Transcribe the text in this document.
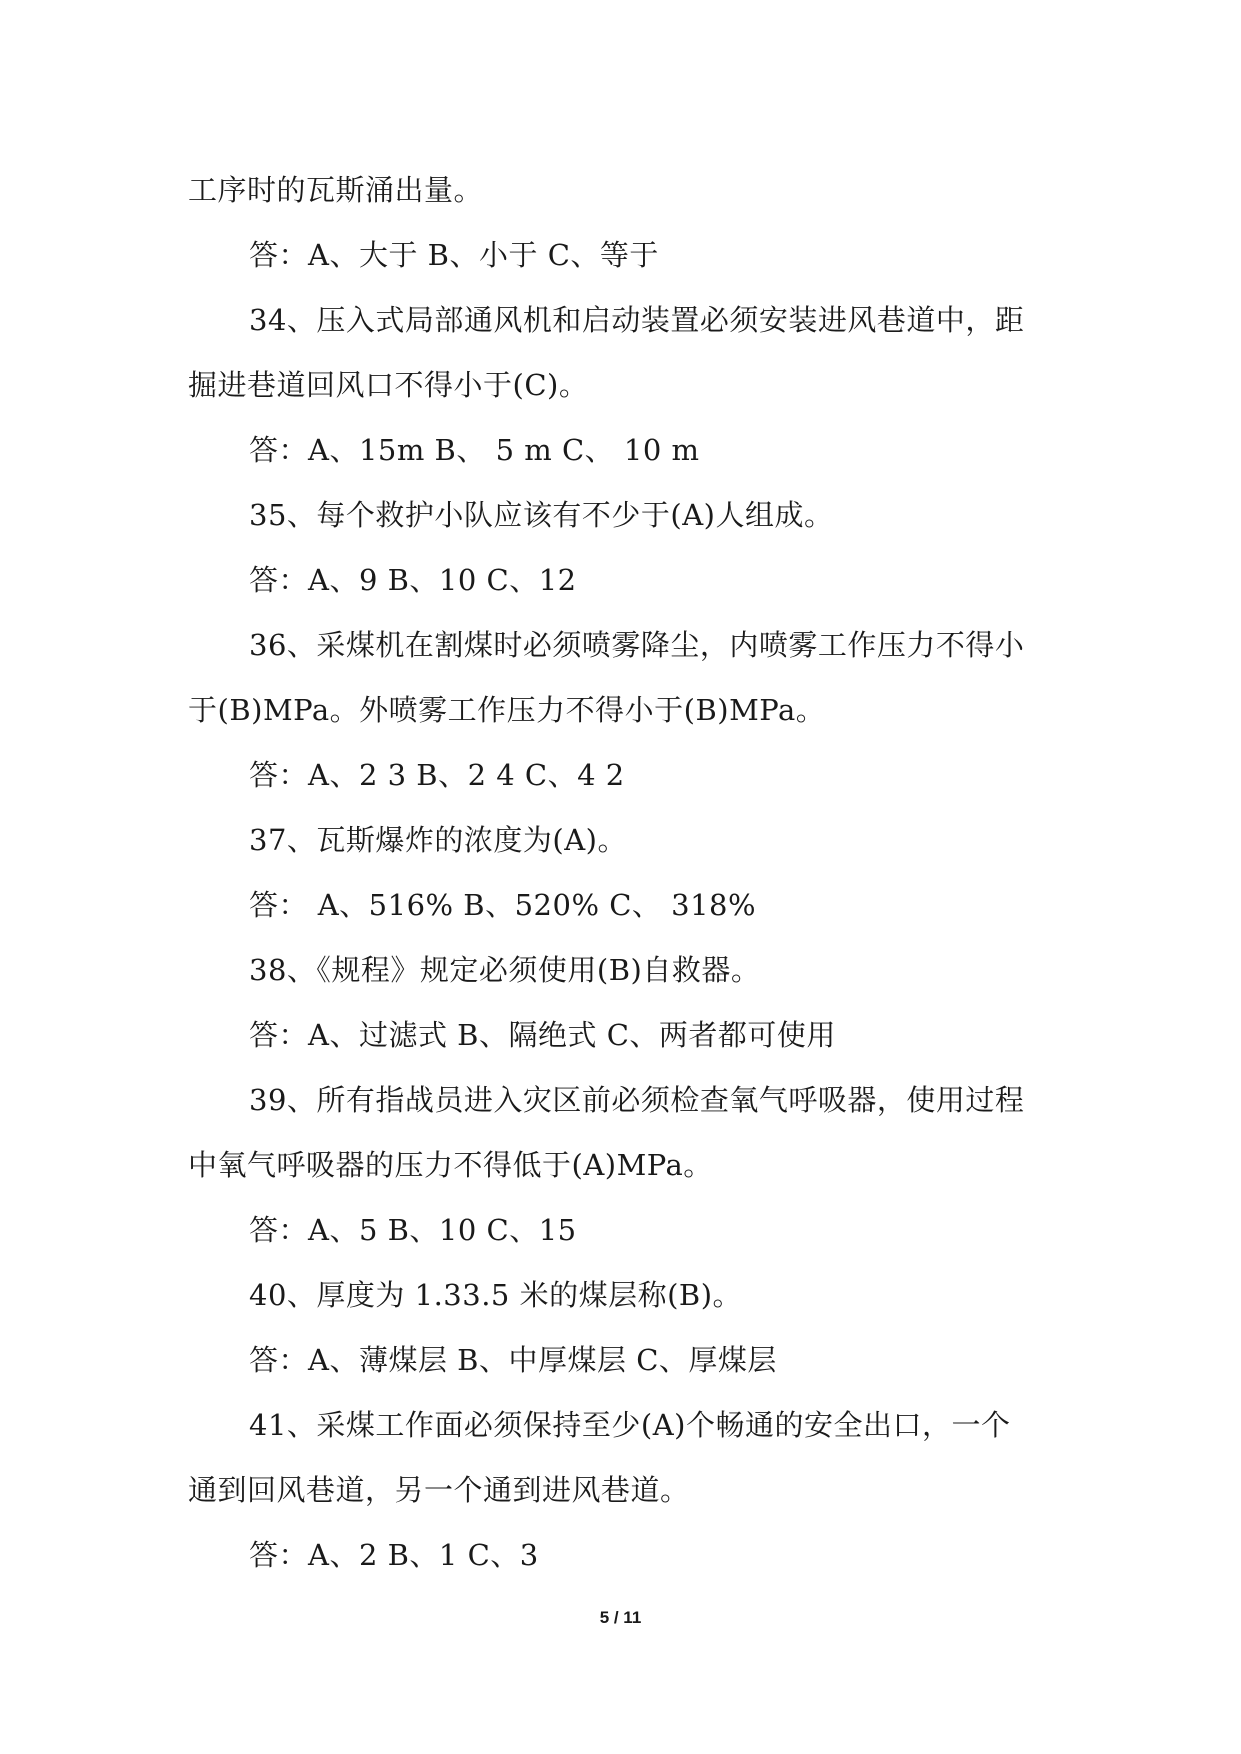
工序时的瓦斯涌出量。
答：A、大于 B、小于 C、等于
34、压入式局部通风机和启动装置必须安装进风巷道中，距
掘进巷道回风口不得小于(C)。
答：A、15m B、 5 m C、 10 m
35、每个救护小队应该有不少于(A)人组成。
答：A、9 B、10 C、12
36、采煤机在割煤时必须喷雾降尘，内喷雾工作压力不得小
于(B)MPa。外喷雾工作压力不得小于(B)MPa。
答：A、2 3 B、2 4 C、4 2
37、瓦斯爆炸的浓度为(A)。
答： A、516% B、520% C、 318%
38、《规程》规定必须使用(B)自救器。
答：A、过滤式 B、隔绝式 C、两者都可使用
39、所有指战员进入灾区前必须检查氧气呼吸器，使用过程
中氧气呼吸器的压力不得低于(A)MPa。
答：A、5 B、10 C、15
40、厚度为 1.33.5 米的煤层称(B)。
答：A、薄煤层 B、中厚煤层 C、厚煤层
41、采煤工作面必须保持至少(A)个畅通的安全出口，一个
通到回风巷道，另一个通到进风巷道。
答：A、2 B、1 C、3
5 / 11
